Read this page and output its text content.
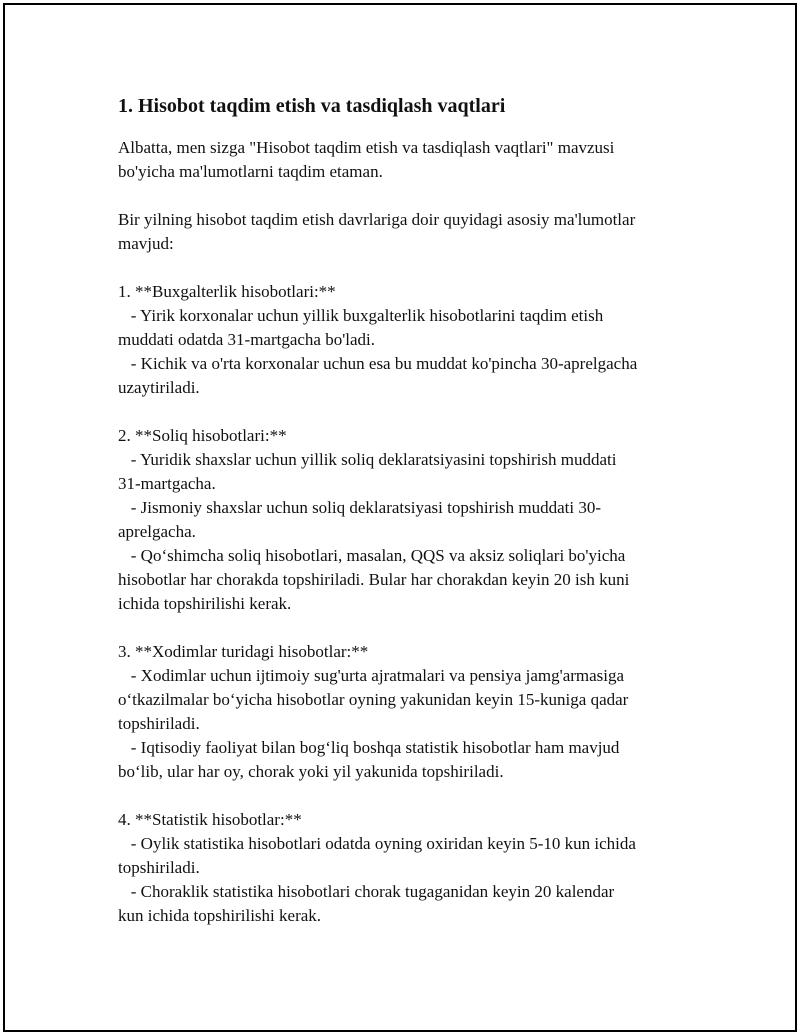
1. Hisobot taqdim etish va tasdiqlash vaqtlari
Albatta, men sizga "Hisobot taqdim etish va tasdiqlash vaqtlari" mavzusi
bo'yicha ma'lumotlarni taqdim etaman.
Bir yilning hisobot taqdim etish davrlariga doir quyidagi asosiy ma'lumotlar
mavjud:
1. **Buxgalterlik hisobotlari:**
- Yirik korxonalar uchun yillik buxgalterlik hisobotlarini taqdim etish
muddati odatda 31-martgacha bo'ladi.
- Kichik va o'rta korxonalar uchun esa bu muddat ko'pincha 30-aprelgacha
uzaytiriladi.
2. **Soliq hisobotlari:**
- Yuridik shaxslar uchun yillik soliq deklaratsiyasini topshirish muddati
31-martgacha.
- Jismoniy shaxslar uchun soliq deklaratsiyasi topshirish muddati 30-
aprelgacha.
- Qo‘shimcha soliq hisobotlari, masalan, QQS va aksiz soliqlari bo'yicha
hisobotlar har chorakda topshiriladi. Bular har chorakdan keyin 20 ish kuni
ichida topshirilishi kerak.
3. **Xodimlar turidagi hisobotlar:**
- Xodimlar uchun ijtimoiy sug'urta ajratmalari va pensiya jamg'armasiga
o‘tkazilmalar bo‘yicha hisobotlar oyning yakunidan keyin 15-kuniga qadar
topshiriladi.
- Iqtisodiy faoliyat bilan bog‘liq boshqa statistik hisobotlar ham mavjud
bo‘lib, ular har oy, chorak yoki yil yakunida topshiriladi.
4. **Statistik hisobotlar:**
- Oylik statistika hisobotlari odatda oyning oxiridan keyin 5-10 kun ichida
topshiriladi.
- Choraklik statistika hisobotlari chorak tugaganidan keyin 20 kalendar
kun ichida topshirilishi kerak.
